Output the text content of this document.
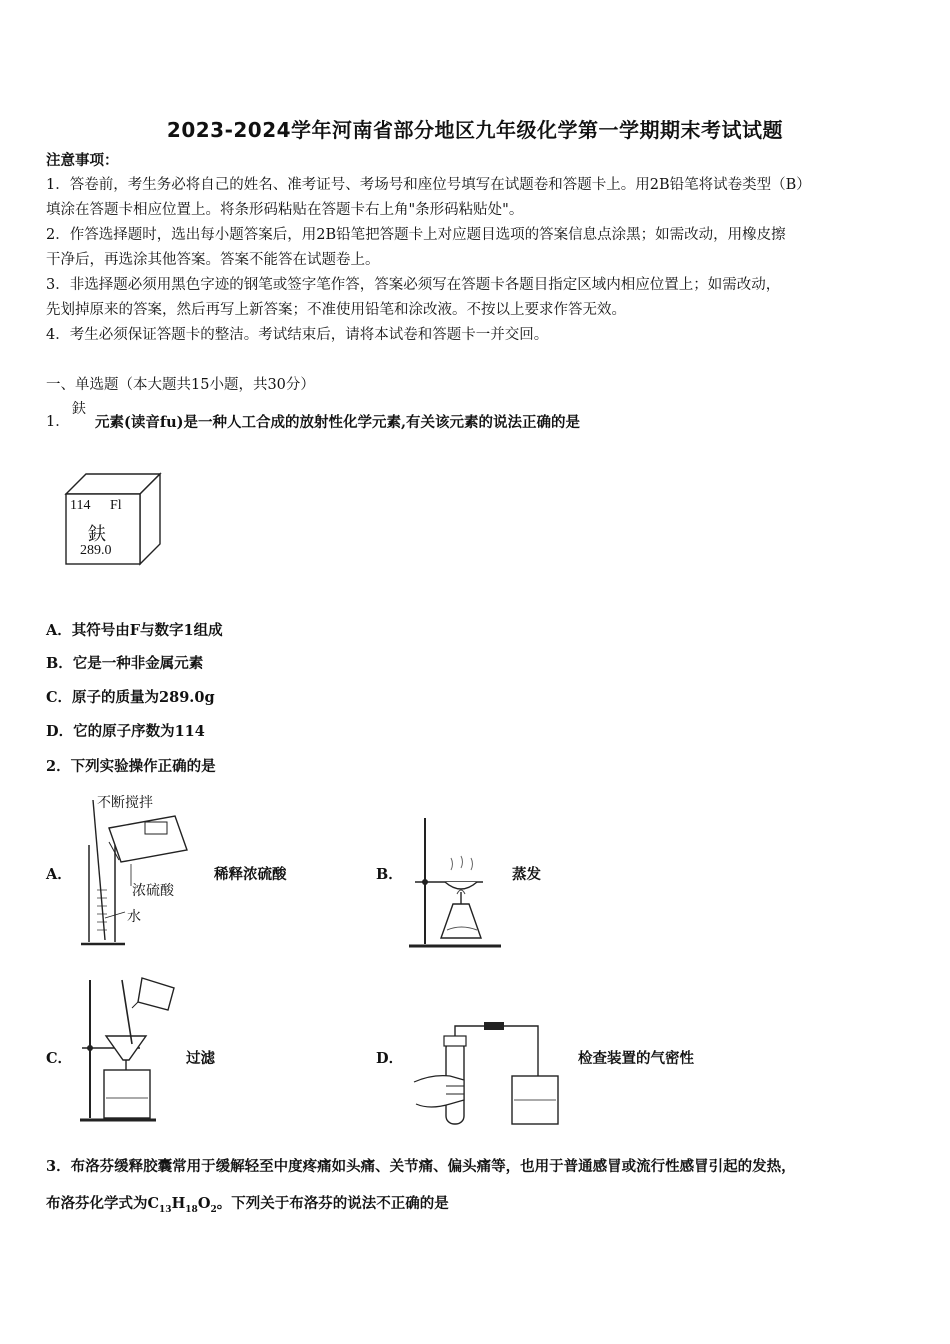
2023-2024学年河南省部分地区九年级化学第一学期期末考试试题
注意事项：
1．答卷前，考生务必将自己的姓名、准考证号、考场号和座位号填写在试题卷和答题卡上。用2B铅笔将试卷类型（B）
填涂在答题卡相应位置上。将条形码粘贴在答题卡右上角"条形码粘贴处"。
2．作答选择题时，选出每小题答案后，用2B铅笔把答题卡上对应题目选项的答案信息点涂黑；如需改动，用橡皮擦
干净后，再选涂其他答案。答案不能答在试题卷上。
3．非选择题必须用黑色字迹的钢笔或签字笔作答，答案必须写在答题卡各题目指定区域内相应位置上；如需改动，
先划掉原来的答案，然后再写上新答案；不准使用铅笔和涂改液。不按以上要求作答无效。
4．考生必须保证答题卡的整洁。考试结束后，请将本试卷和答题卡一并交回。
一、单选题（本大题共15小题，共30分）
1．
鈇
元素(读音fu)是一种人工合成的放射性化学元素,有关该元素的说法正确的是
114 Fl
鈇
289.0
A．其符号由F与数字1组成
B．它是一种非金属元素
C．原子的质量为289.0g
D．它的原子序数为114
2．下列实验操作正确的是
A．
不断搅拌
浓硫酸
水
稀释浓硫酸	B．	蒸发
C．	过滤	D．	检查装置的气密性
3．布洛芬缓释胶囊常用于缓解轻至中度疼痛如头痛、关节痛、偏头痛等，也用于普通感冒或流行性感冒引起的发热，
布洛芬化学式为$C_{13}H_{18}O_2$。下列关于布洛芬的说法不正确的是
